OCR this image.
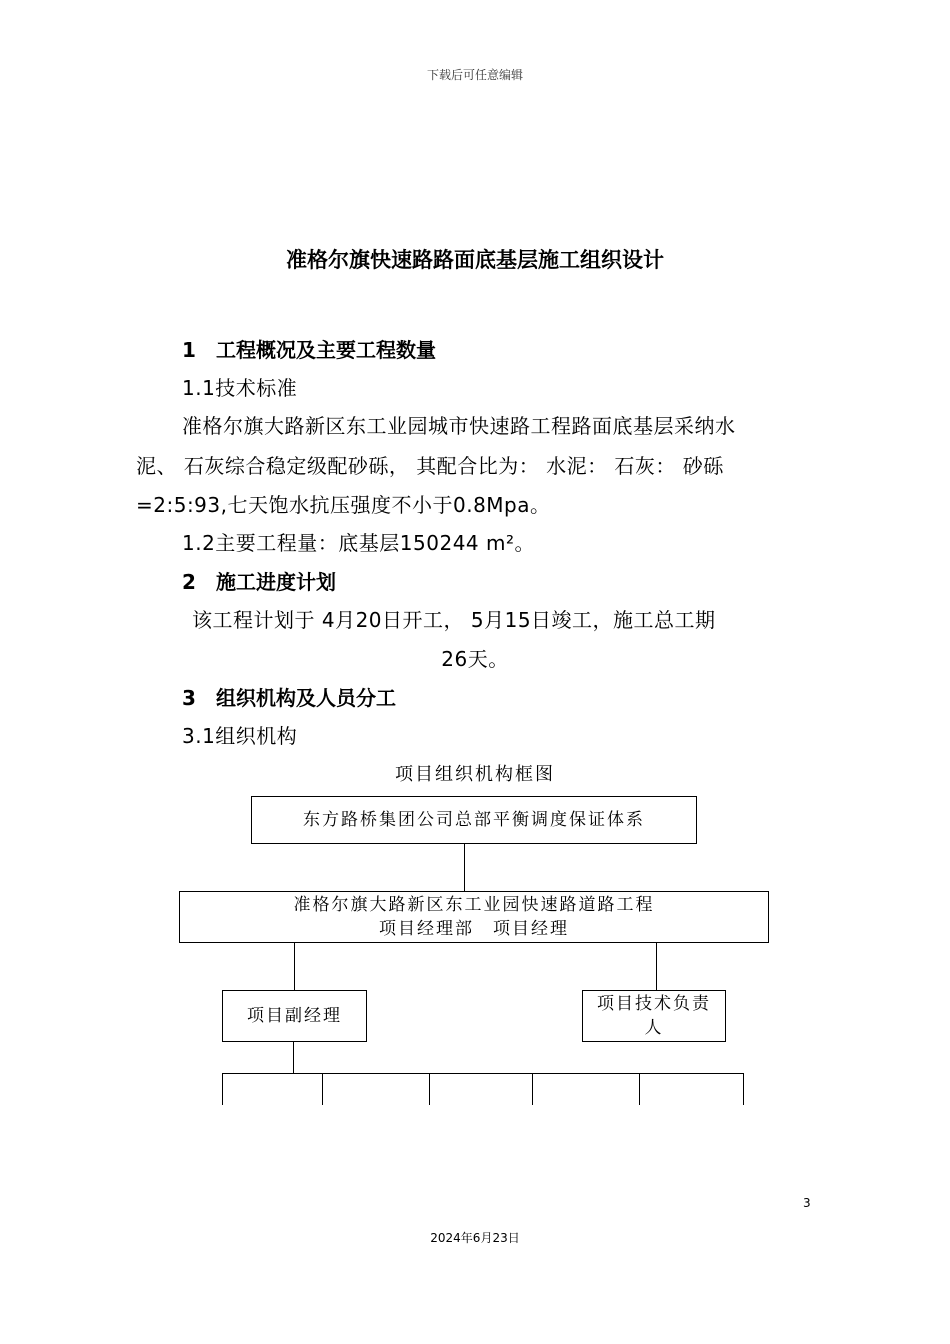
下载后可任意编辑
准格尔旗快速路路面底基层施工组织设计
1 工程概况及主要工程数量
1.1技术标准
准格尔旗大路新区东工业园城市快速路工程路面底基层采纳水
泥、 石灰综合稳定级配砂砾， 其配合比为： 水泥： 石灰： 砂砾
=2:5:93,七天饱水抗压强度不小于0.8Mpa。
1.2主要工程量：底基层150244 m²。
2 施工进度计划
该工程计划于 4月20日开工， 5月15日竣工，施工总工期
26天。
3 组织机构及人员分工
3.1组织机构
项目组织机构框图
东方路桥集团公司总部平衡调度保证体系
准格尔旗大路新区东工业园快速路道路工程
项目经理部　项目经理
项目副经理
项目技术负责
人
3
2024年6月23日
